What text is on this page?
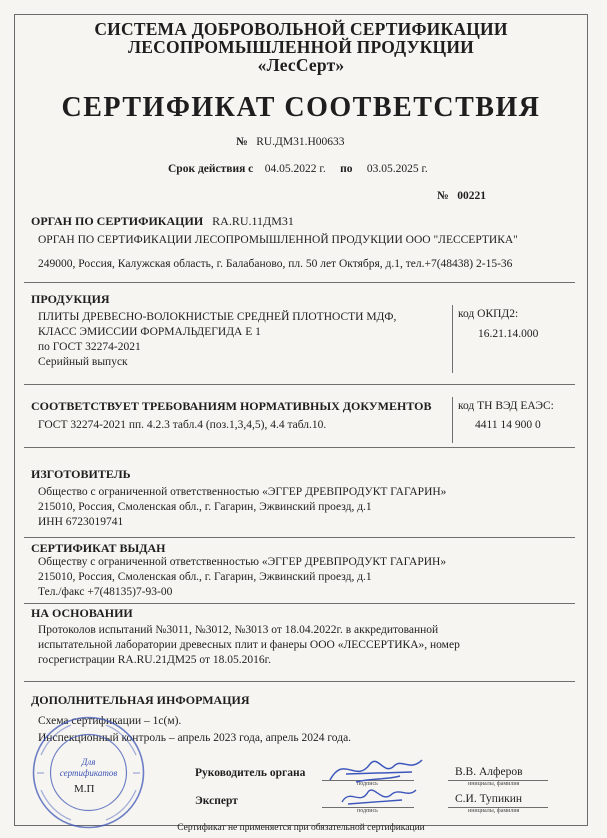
СИСТЕМА ДОБРОВОЛЬНОЙ СЕРТИФИКАЦИИ
ЛЕСОПРОМЫШЛЕННОЙ ПРОДУКЦИИ
«ЛесСерт»
СЕРТИФИКАТ СООТВЕТСТВИЯ
№ RU.ДМ31.Н00633
Срок действия с 04.05.2022 г. по 03.05.2025 г.
№ 00221
ОРГАН ПО СЕРТИФИКАЦИИ RA.RU.11ДМ31
ОРГАН ПО СЕРТИФИКАЦИИ ЛЕСОПРОМЫШЛЕННОЙ ПРОДУКЦИИ ООО "ЛЕССЕРТИКА"
249000, Россия, Калужская область, г. Балабаново, пл. 50 лет Октября, д.1, тел.+7(48438) 2-15-36
ПРОДУКЦИЯ
ПЛИТЫ ДРЕВЕСНО-ВОЛОКНИСТЫЕ СРЕДНЕЙ ПЛОТНОСТИ МДФ,
КЛАСС ЭМИССИИ ФОРМАЛЬДЕГИДА Е 1
по ГОСТ 32274-2021
Серийный выпуск
код ОКПД2:
16.21.14.000
СООТВЕТСТВУЕТ ТРЕБОВАНИЯМ НОРМАТИВНЫХ ДОКУМЕНТОВ
ГОСТ 32274-2021 пп. 4.2.3 табл.4 (поз.1,3,4,5), 4.4 табл.10.
код ТН ВЭД ЕАЭС:
4411 14 900 0
ИЗГОТОВИТЕЛЬ
Общество с ограниченной ответственностью «ЭГГЕР ДРЕВПРОДУКТ ГАГАРИН»
215010, Россия, Смоленская обл., г. Гагарин, Эжвинский проезд, д.1
ИНН 6723019741
СЕРТИФИКАТ ВЫДАН
Обществу с ограниченной ответственностью «ЭГГЕР ДРЕВПРОДУКТ ГАГАРИН»
215010, Россия, Смоленская обл., г. Гагарин, Эжвинский проезд, д.1
Тел./факс +7(48135)7-93-00
НА ОСНОВАНИИ
Протоколов испытаний №3011, №3012, №3013 от 18.04.2022г. в аккредитованной
испытательной лаборатории древесных плит и фанеры ООО «ЛЕССЕРТИКА», номер
госрегистрации RA.RU.21ДМ25 от 18.05.2016г.
ДОПОЛНИТЕЛЬНАЯ ИНФОРМАЦИЯ
Схема сертификации – 1с(м).
Инспекционный контроль – апрель 2023 года, апрель 2024 года.
Для
сертификатов
М.П
Руководитель органа
подпись
В.В. Алферов
инициалы, фамилия
Эксперт
подпись
С.И. Тупикин
инициалы, фамилия
Сертификат не применяется при обязательной сертификации
